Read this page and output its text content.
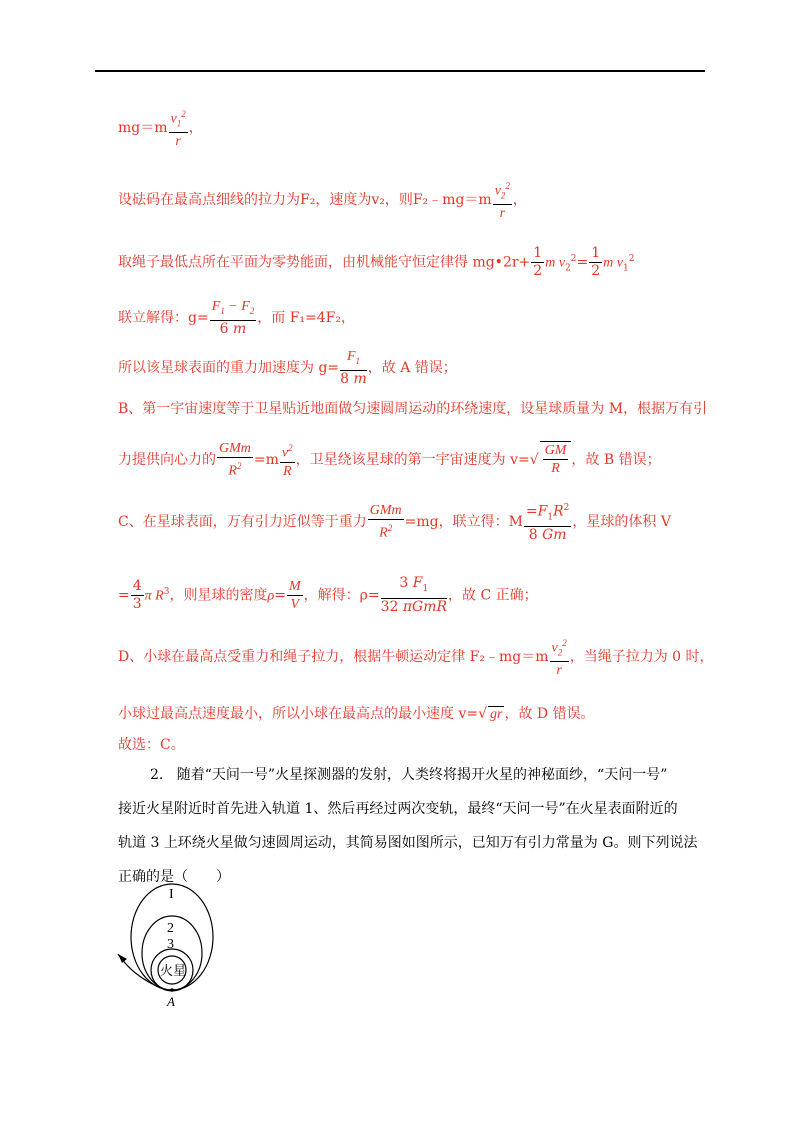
$mg=m \frac{v_1^2}{r}$ ，
设砝码在最高点细线的拉力为F₂，速度为v₂，则F₂﹣mg＝m $\frac{v_2^2}{r}$ ，
取绳子最低点所在平面为零势能面，由机械能守恒定律得 mg•2r+ $\frac{1}{2}$ m $v_2^2= \frac{1}{2}$ m $v_1^2$
联立解得：$g= \frac{F_1 - F_2}{6 m}$ ，而 F₁=4F₂，
所以该星球表面的重力加速度为 $g= \frac{F_1}{8 m}$ ，故 A 错误；
B、第一宇宙速度等于卫星贴近地面做匀速圆周运动的环绕速度，设星球质量为 M，根据万有引
力提供向心力的 $\frac{\text{GMm}}{R^2} =m \frac{v^2}{R}$ ，卫星绕该星球的第一宇宙速度为 $v=√ \frac{GM}{R}$ ，故 B 错误；
C、在星球表面，万有引力近似等于重力 $\frac{\text{GMm}}{R^2} =mg$，联立得：M $\frac{=F_1R^2}{8 Gm}$ ，星球的体积 V
= $\frac{4}{3}$ π $R^3$，则星球的密度$\rho= \frac{M}{V}$ ，解得：$\rho= \frac{3 F_1}{\text{32 πGmR}}$ ，故 C 正确；
D、小球在最高点受重力和绳子拉力，根据牛顿运动定律 F₂﹣mg＝m $\frac{v_2^2}{r}$ ，当绳子拉力为 0 时，
小球过最高点速度最小，所以小球在最高点的最小速度 v=√ gr ，故 D 错误。
故选：C。

2. 随着“天问一号”火星探测器的发射，人类终将揭开火星的神秘面纱，“天问一号”

接近火星附近时首先进入轨道 1、然后再经过两次变轨，最终“天问一号”在火星表面附近的

轨道 3 上环绕火星做匀速圆周运动，其简易图如图所示，已知万有引力常量为 G。则下列说法

正确的是（　　）

I
2
3
火星
A
